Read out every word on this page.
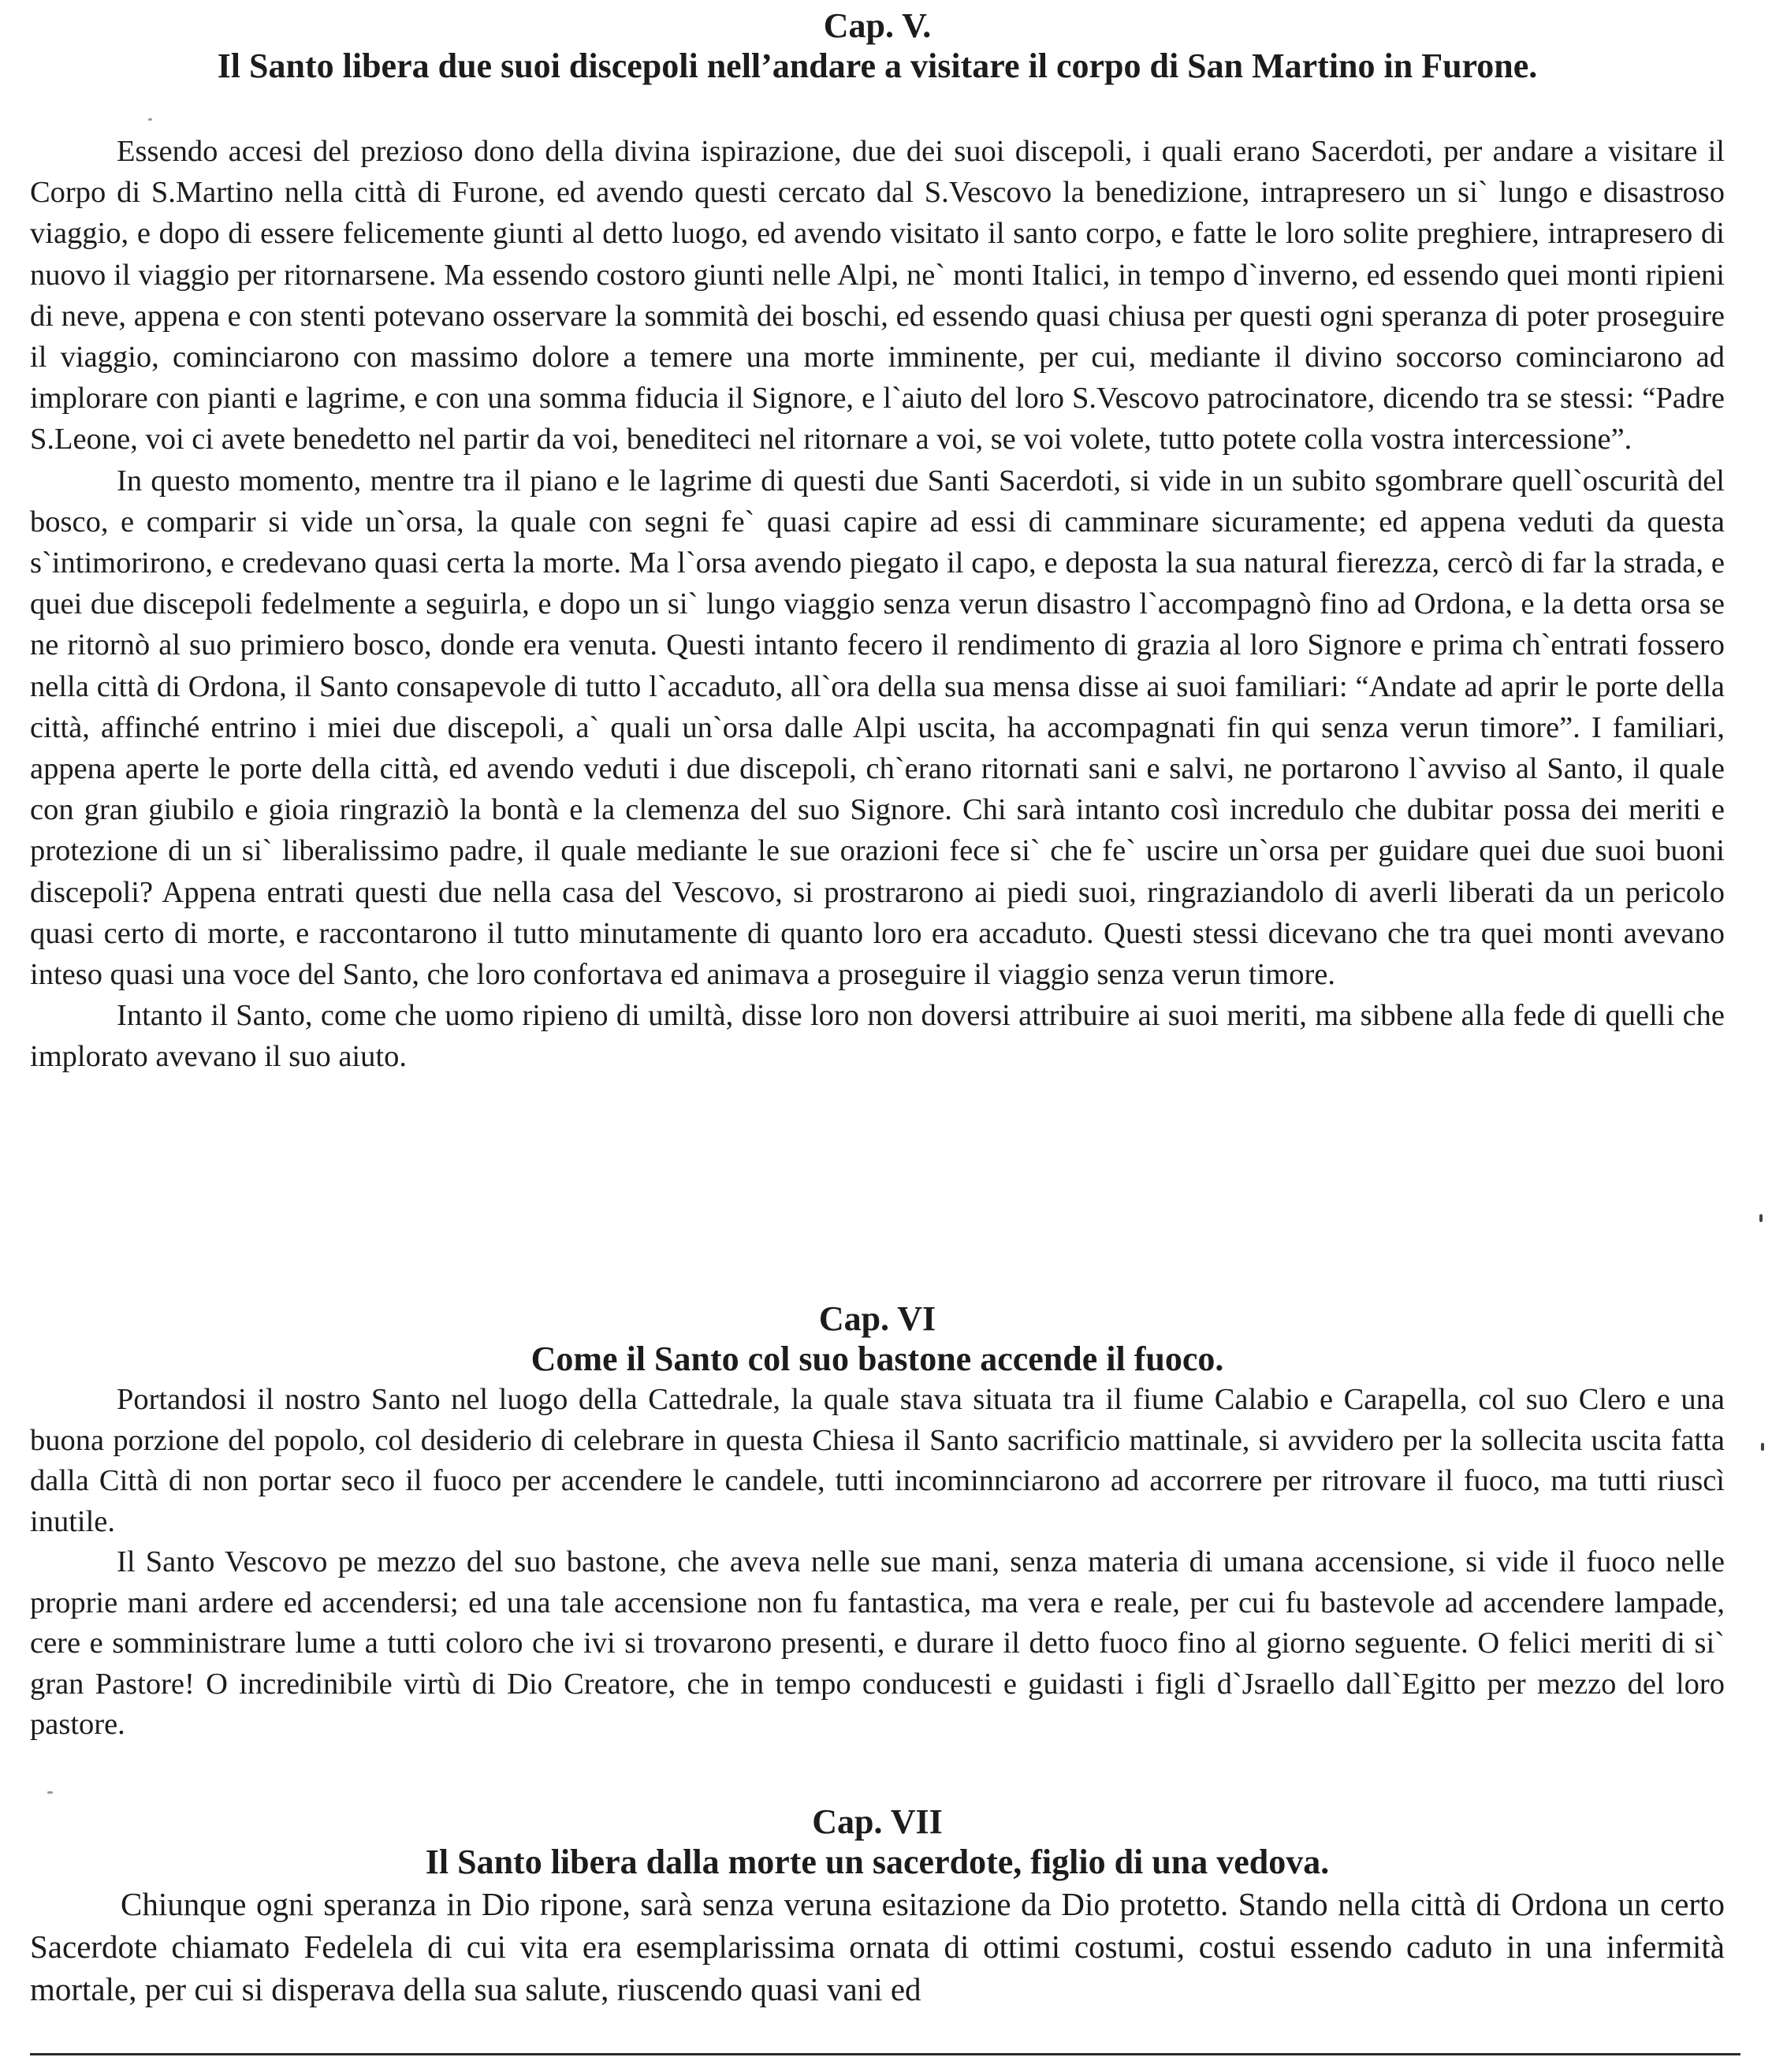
Cap. V.
Il Santo libera due suoi discepoli nell’andare a visitare il corpo di San Martino in Furone.

Essendo accesi del prezioso dono della divina ispirazione, due dei suoi discepoli, i quali erano Sacerdoti, per andare a visitare il Corpo di S.Martino nella città di Furone, ed avendo questi cercato dal S.Vescovo la benedizione, intrapresero un si` lungo e disastroso viaggio, e dopo di essere felicemente giunti al detto luogo, ed avendo visitato il santo corpo, e fatte le loro solite preghiere, intrapresero di nuovo il viaggio per ritornarsene. Ma essendo costoro giunti nelle Alpi, ne` monti Italici, in tempo d`inverno, ed essendo quei monti ripieni di neve, appena e con stenti potevano osservare la sommità dei boschi, ed essendo quasi chiusa per questi ogni speranza di poter proseguire il viaggio, cominciarono con massimo dolore a temere una morte imminente, per cui, mediante il divino soccorso cominciarono ad implorare con pianti e lagrime, e con una somma fiducia il Signore, e l`aiuto del loro S.Vescovo patrocinatore, dicendo tra se stessi: “Padre S.Leone, voi ci avete benedetto nel partir da voi, benediteci nel ritornare a voi, se voi volete, tutto potete colla vostra intercessione”.

In questo momento, mentre tra il piano e le lagrime di questi due Santi Sacerdoti, si vide in un subito sgombrare quell`oscurità del bosco, e comparir si vide un`orsa, la quale con segni fe` quasi capire ad essi di camminare sicuramente; ed appena veduti da questa s`intimorirono, e credevano quasi certa la morte. Ma l`orsa avendo piegato il capo, e deposta la sua natural fierezza, cercò di far la strada, e quei due discepoli fedelmente a seguirla, e dopo un si` lungo viaggio senza verun disastro l`accompagnò fino ad Ordona, e la detta orsa se ne ritornò al suo primiero bosco, donde era venuta. Questi intanto fecero il rendimento di grazia al loro Signore e prima ch`entrati fossero nella città di Ordona, il Santo consapevole di tutto l`accaduto, all`ora della sua mensa disse ai suoi familiari: “Andate ad aprir le porte della città, affinché entrino i miei due discepoli, a` quali un`orsa dalle Alpi uscita, ha accompagnati fin qui senza verun timore”. I familiari, appena aperte le porte della città, ed avendo veduti i due discepoli, ch`erano ritornati sani e salvi, ne portarono l`avviso al Santo, il quale con gran giubilo e gioia ringraziò la bontà e la clemenza del suo Signore. Chi sarà intanto così incredulo che dubitar possa dei meriti e protezione di un si` liberalissimo padre, il quale mediante le sue orazioni fece si` che fe` uscire un`orsa per guidare quei due suoi buoni discepoli? Appena entrati questi due nella casa del Vescovo, si prostrarono ai piedi suoi, ringraziandolo di averli liberati da un pericolo quasi certo di morte, e raccontarono il tutto minutamente di quanto loro era accaduto. Questi stessi dicevano che tra quei monti avevano inteso quasi una voce del Santo, che loro confortava ed animava a proseguire il viaggio senza verun timore.

Intanto il Santo, come che uomo ripieno di umiltà, disse loro non doversi attribuire ai suoi meriti, ma sibbene alla fede di quelli che implorato avevano il suo aiuto.

Cap. VI
Come il Santo col suo bastone accende il fuoco.

Portandosi il nostro Santo nel luogo della Cattedrale, la quale stava situata tra il fiume Calabio e Carapella, col suo Clero e una buona porzione del popolo, col desiderio di celebrare in questa Chiesa il Santo sacrificio mattinale, si avvidero per la sollecita uscita fatta dalla Città di non portar seco il fuoco per accendere le candele, tutti incominnciarono ad accorrere per ritrovare il fuoco, ma tutti riuscì inutile.

Il Santo Vescovo pe mezzo del suo bastone, che aveva nelle sue mani, senza materia di umana accensione, si vide il fuoco nelle proprie mani ardere ed accendersi; ed una tale accensione non fu fantastica, ma vera e reale, per cui fu bastevole ad accendere lampade, cere e somministrare lume a tutti coloro che ivi si trovarono presenti, e durare il detto fuoco fino al giorno seguente. O felici meriti di si` gran Pastore! O incredinibile virtù di Dio Creatore, che in tempo conducesti e guidasti i figli d`Jsraello dall`Egitto per mezzo del loro pastore.

Cap. VII
Il Santo libera dalla morte un sacerdote, figlio di una vedova.

Chiunque ogni speranza in Dio ripone, sarà senza veruna esitazione da Dio protetto. Stando nella città di Ordona un certo Sacerdote chiamato Fedelela di cui vita era esemplarissima ornata di ottimi costumi, costui essendo caduto in una infermità mortale, per cui si disperava della sua salute, riuscendo quasi vani ed
